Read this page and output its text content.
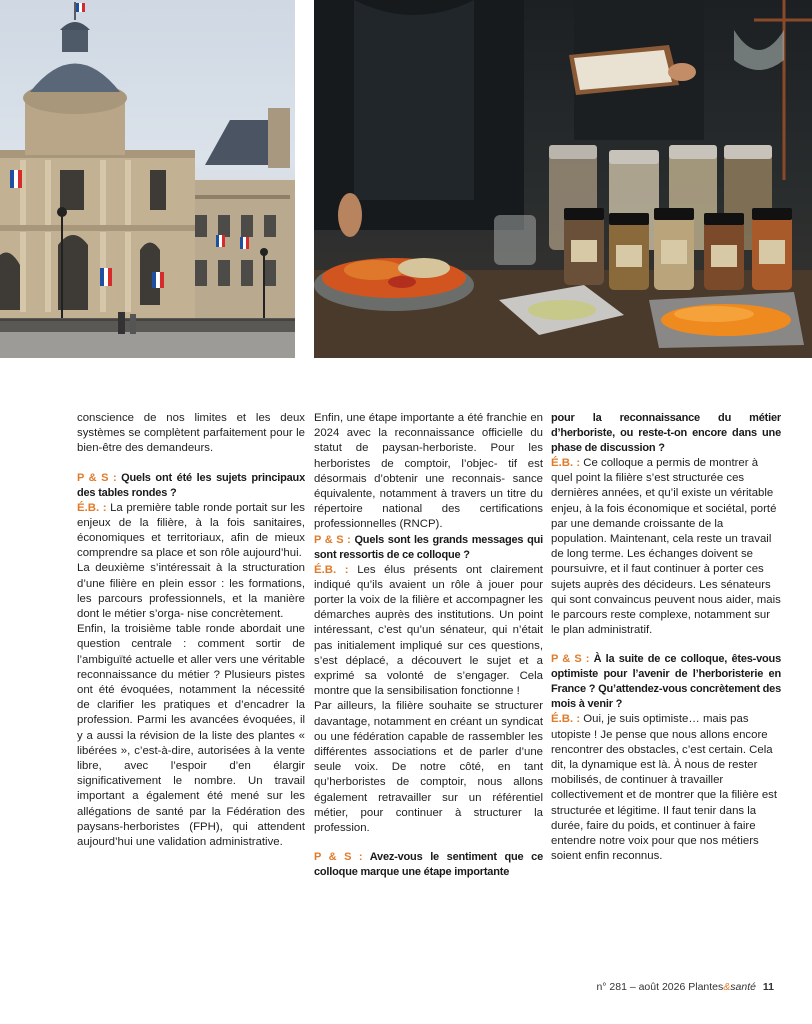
conscience de nos limites et les deux systèmes se complètent parfaitement pour le bien-être des demandeurs.

P & S : Quels ont été les sujets principaux des tables rondes ?

É.B. : La première table ronde portait sur les enjeux de la filière, à la fois sanitaires, économiques et territoriaux, afin de mieux comprendre sa place et son rôle aujourd’hui.

La deuxième s’intéressait à la structuration d’une filière en plein essor : les formations, les parcours professionnels, et la manière dont le métier s’orga- nise concrètement.

Enfin, la troisième table ronde abordait une question centrale : comment sortir de l’ambiguïté actuelle et aller vers une véritable reconnaissance du métier ? Plusieurs pistes ont été évoquées, notamment la nécessité de clarifier les pratiques et d’encadrer la profession. Parmi les avancées évoquées, il y a aussi la révision de la liste des plantes « libérées », c’est-à-dire, autorisées à la vente libre, avec l’espoir d’en élargir significativement le nombre. Un travail important a également été mené sur les allégations de santé par la Fédération des paysans-herboristes (FPH), qui attendent aujourd’hui une validation administrative.

Enfin, une étape importante a été franchie en 2024 avec la reconnaissance officielle du statut de paysan-herboriste. Pour les herboristes de comptoir, l’objec- tif est désormais d’obtenir une reconnais- sance équivalente, notamment à travers un titre du répertoire national des certifications professionnelles (RNCP).

P & S : Quels sont les grands messages qui sont ressortis de ce colloque ?

É.B. : Les élus présents ont clairement indiqué qu’ils avaient un rôle à jouer pour porter la voix de la filière et accompagner les démarches auprès des institutions. Un point intéressant, c’est qu’un sénateur, qui n’était pas initialement impliqué sur ces questions, s’est déplacé, a découvert le sujet et a exprimé sa volonté de s’engager. Cela montre que la sensibilisation fonctionne !

Par ailleurs, la filière souhaite se structurer davantage, notamment en créant un syndicat ou une fédération capable de rassembler les différentes associations et de parler d’une seule voix. De notre côté, en tant qu’herboristes de comptoir, nous allons également retravailler sur un référentiel métier, pour continuer à structurer la profession.

P & S : Avez-vous le sentiment que ce colloque marque une étape importante

pour la reconnaissance du métier d’herboriste, ou reste-t-on encore dans une phase de discussion ?

É.B. : Ce colloque a permis de montrer à quel point la filière s’est structurée ces dernières années, et qu’il existe un véritable enjeu, à la fois économique et sociétal, porté par une demande croissante de la population. Maintenant, cela reste un travail de long terme. Les échanges doivent se poursuivre, et il faut continuer à porter ces sujets auprès des décideurs. Les sénateurs qui sont convaincus peuvent nous aider, mais le parcours reste complexe, notamment sur le plan administratif.

P & S : À la suite de ce colloque, êtes-vous optimiste pour l’avenir de l’herboristerie en France ? Qu’attendez-vous concrètement des mois à venir ?

É.B. : Oui, je suis optimiste… mais pas utopiste ! Je pense que nous allons encore rencontrer des obstacles, c’est certain. Cela dit, la dynamique est là. À nous de rester mobilisés, de continuer à travailler collectivement et de montrer que la filière est structurée et légitime. Il faut tenir dans la durée, faire du poids, et continuer à faire entendre notre voix pour que nos métiers soient enfin reconnus.

n° 281 – août 2026 Plantes&santé 11
